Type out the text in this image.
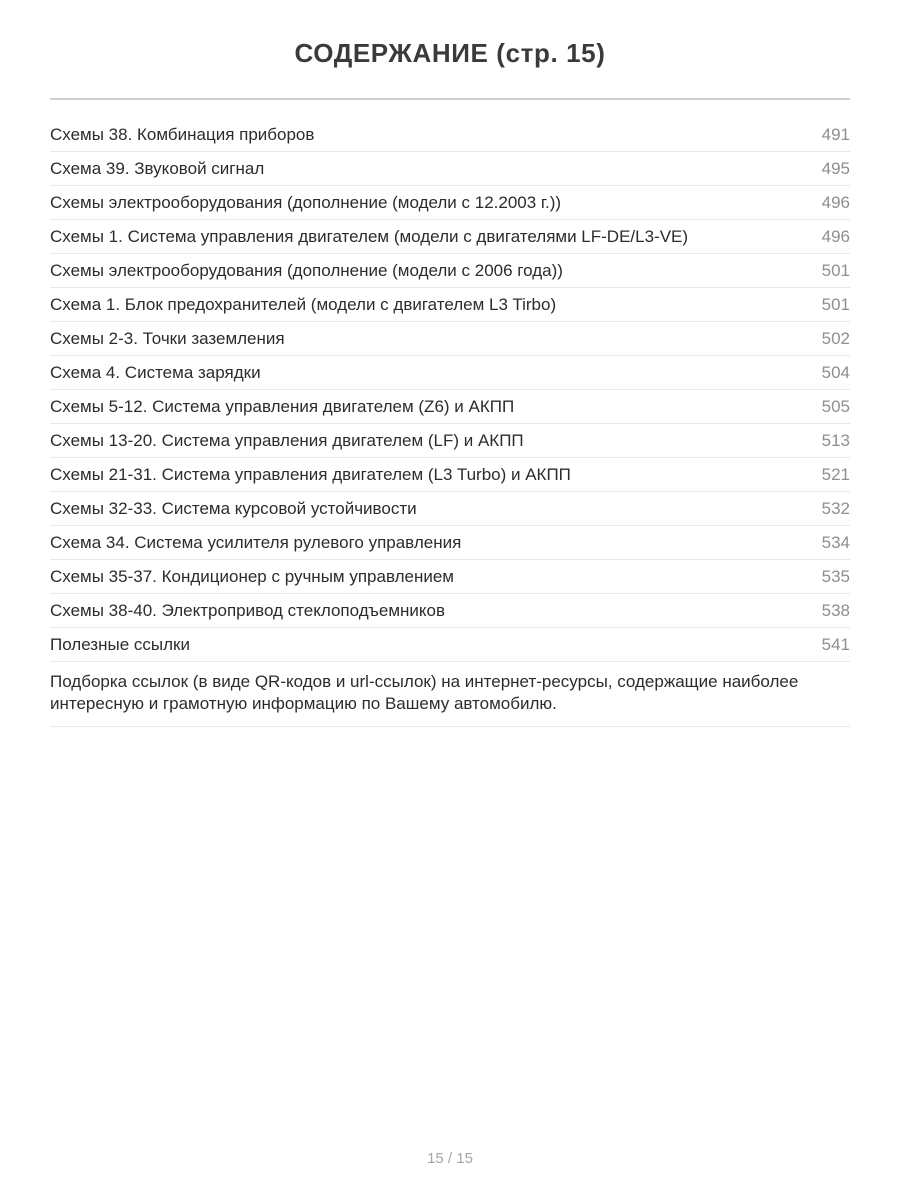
СОДЕРЖАНИЕ (стр. 15)
Схемы 38. Комбинация приборов	491
Схема 39. Звуковой сигнал	495
Схемы электрооборудования (дополнение (модели с 12.2003 г.))	496
Схемы 1. Система управления двигателем (модели с двигателями LF-DE/L3-VE)	496
Схемы электрооборудования (дополнение (модели с 2006 года))	501
Схема 1. Блок предохранителей (модели с двигателем L3 Tirbo)	501
Схемы 2-3. Точки заземления	502
Схема 4. Система зарядки	504
Схемы 5-12. Система управления двигателем (Z6) и АКПП	505
Схемы 13-20. Система управления двигателем (LF) и АКПП	513
Схемы 21-31. Система управления двигателем (L3 Turbo) и АКПП	521
Схемы 32-33. Система курсовой устойчивости	532
Схема 34. Система усилителя рулевого управления	534
Схемы 35-37. Кондиционер с ручным управлением	535
Схемы 38-40. Электропривод стеклоподъемников	538
Полезные ссылки	541
Подборка ссылок (в виде QR-кодов и url-ссылок) на интернет-ресурсы, содержащие наиболее интересную и грамотную информацию по Вашему автомобилю.
15 / 15
